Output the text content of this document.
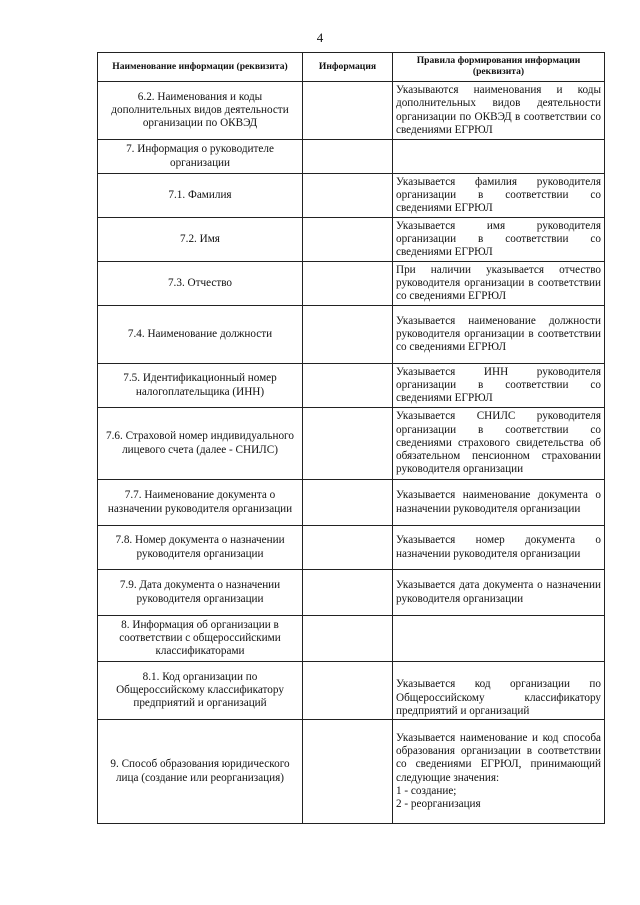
4
Наименование информации (реквизита)	Информация	Правила формирования информации (реквизита)
6.2. Наименования и коды дополнительных видов деятельности организации по ОКВЭД		Указываются наименования и коды дополнительных видов деятельности организации по ОКВЭД в соответствии со сведениями ЕГРЮЛ
7. Информация о руководителе организации		
7.1. Фамилия		Указывается фамилия руководителя организации в соответствии со сведениями ЕГРЮЛ
7.2. Имя		Указывается имя руководителя организации в соответствии со сведениями ЕГРЮЛ
7.3. Отчество		При наличии указывается отчество руководителя организации в соответствии со сведениями ЕГРЮЛ
7.4. Наименование должности		Указывается наименование должности руководителя организации в соответствии со сведениями ЕГРЮЛ
7.5. Идентификационный номер налогоплательщика (ИНН)		Указывается ИНН руководителя организации в соответствии со сведениями ЕГРЮЛ
7.6. Страховой номер индивидуального лицевого счета (далее - СНИЛС)		Указывается СНИЛС руководителя организации в соответствии со сведениями страхового свидетельства об обязательном пенсионном страховании руководителя организации
7.7. Наименование документа о назначении руководителя организации		Указывается наименование документа о назначении руководителя организации
7.8. Номер документа о назначении руководителя организации		Указывается номер документа о назначении руководителя организации
7.9. Дата документа о назначении руководителя организации		Указывается дата документа о назначении руководителя организации
8. Информация об организации в соответствии с общероссийскими классификаторами		
8.1. Код организации по Общероссийскому классификатору предприятий и организаций		Указывается код организации по Общероссийскому классификатору предприятий и организаций
9. Способ образования юридического лица (создание или реорганизация)		Указывается наименование и код способа образования организации в соответствии со сведениями ЕГРЮЛ, принимающий следующие значения:
1 - создание;
2 - реорганизация
